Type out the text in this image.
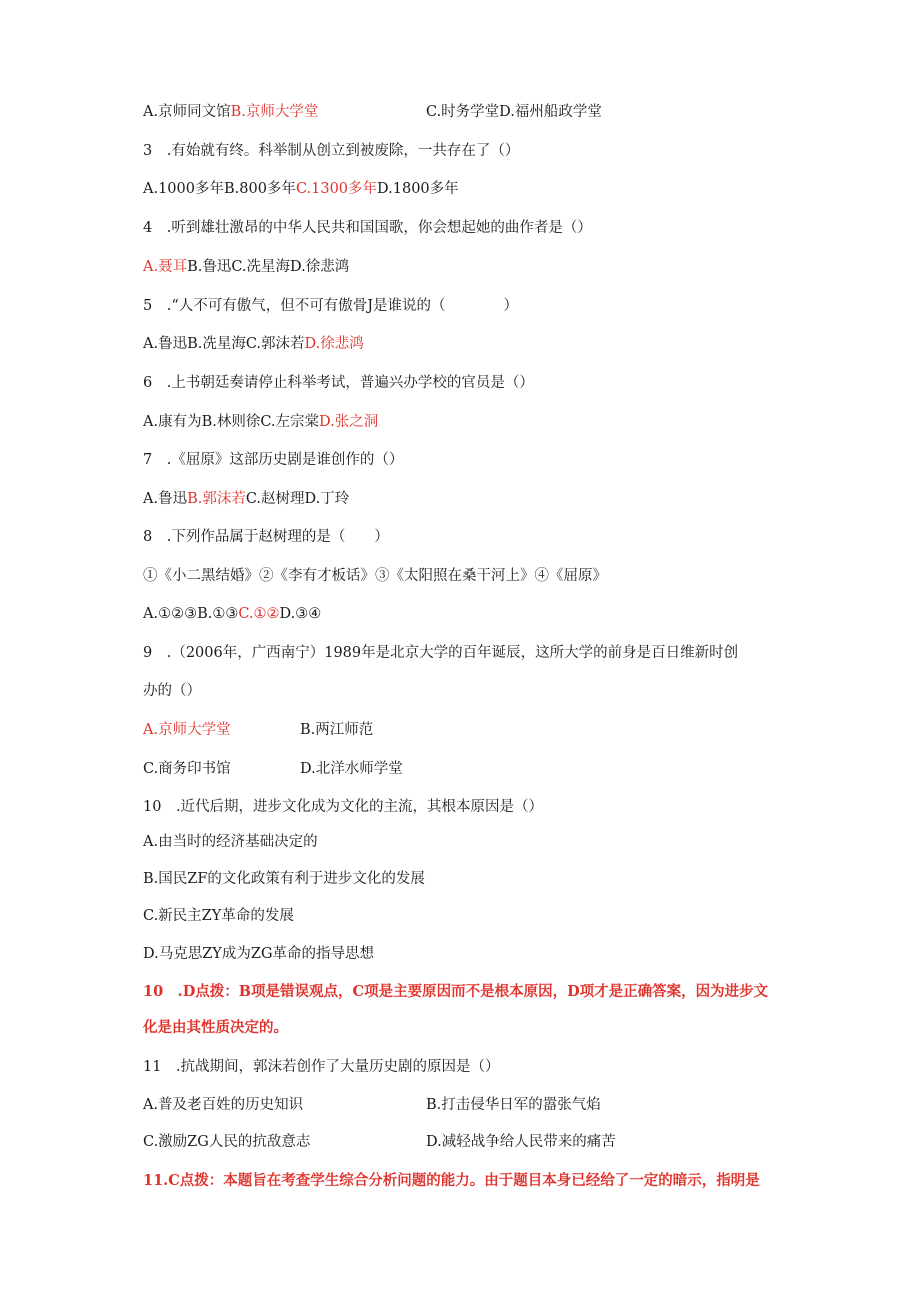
A.京师同文馆B.京师大学堂	C.时务学堂D.福州船政学堂
3　.有始就有终。科举制从创立到被废除，一共存在了（）
A.1000多年B.800多年C.1300多年D.1800多年
4　.听到雄壮激昂的中华人民共和国国歌，你会想起她的曲作者是（）
A.聂耳B.鲁迅C.冼星海D.徐悲鸿
5　.“人不可有傲气，但不可有傲骨J是谁说的（　　　　）
A.鲁迅B.冼星海C.郭沫若D.徐悲鸿
6　.上书朝廷奏请停止科举考试，普遍兴办学校的官员是（）
A.康有为B.林则徐C.左宗棠D.张之洞
7　.《屈原》这部历史剧是谁创作的（）
A.鲁迅B.郭沫若C.赵树理D.丁玲
8　.下列作品属于赵树理的是（　　）
①《小二黑结婚》②《李有才板话》③《太阳照在桑干河上》④《屈原》
A.①②③B.①③C.①②D.③④
9　.（2006年，广西南宁）1989年是北京大学的百年诞辰，这所大学的前身是百日维新时创
办的（）
A.京师大学堂	B.两江师范
C.商务印书馆	D.北洋水师学堂
10　.近代后期，进步文化成为文化的主流，其根本原因是（）
A.由当时的经济基础决定的
B.国民ZF的文化政策有利于进步文化的发展
C.新民主ZY革命的发展
D.马克思ZY成为ZG革命的指导思想
10　.D点拨：B项是错误观点，C项是主要原因而不是根本原因，D项才是正确答案，因为进步文
化是由其性质决定的。
11　.抗战期间，郭沫若创作了大量历史剧的原因是（）
A.普及老百姓的历史知识	B.打击侵华日军的嚣张气焰
C.激励ZG人民的抗敌意志	D.减轻战争给人民带来的痛苦
11.C点拨：本题旨在考查学生综合分析问题的能力。由于题目本身已经给了一定的暗示，指明是
